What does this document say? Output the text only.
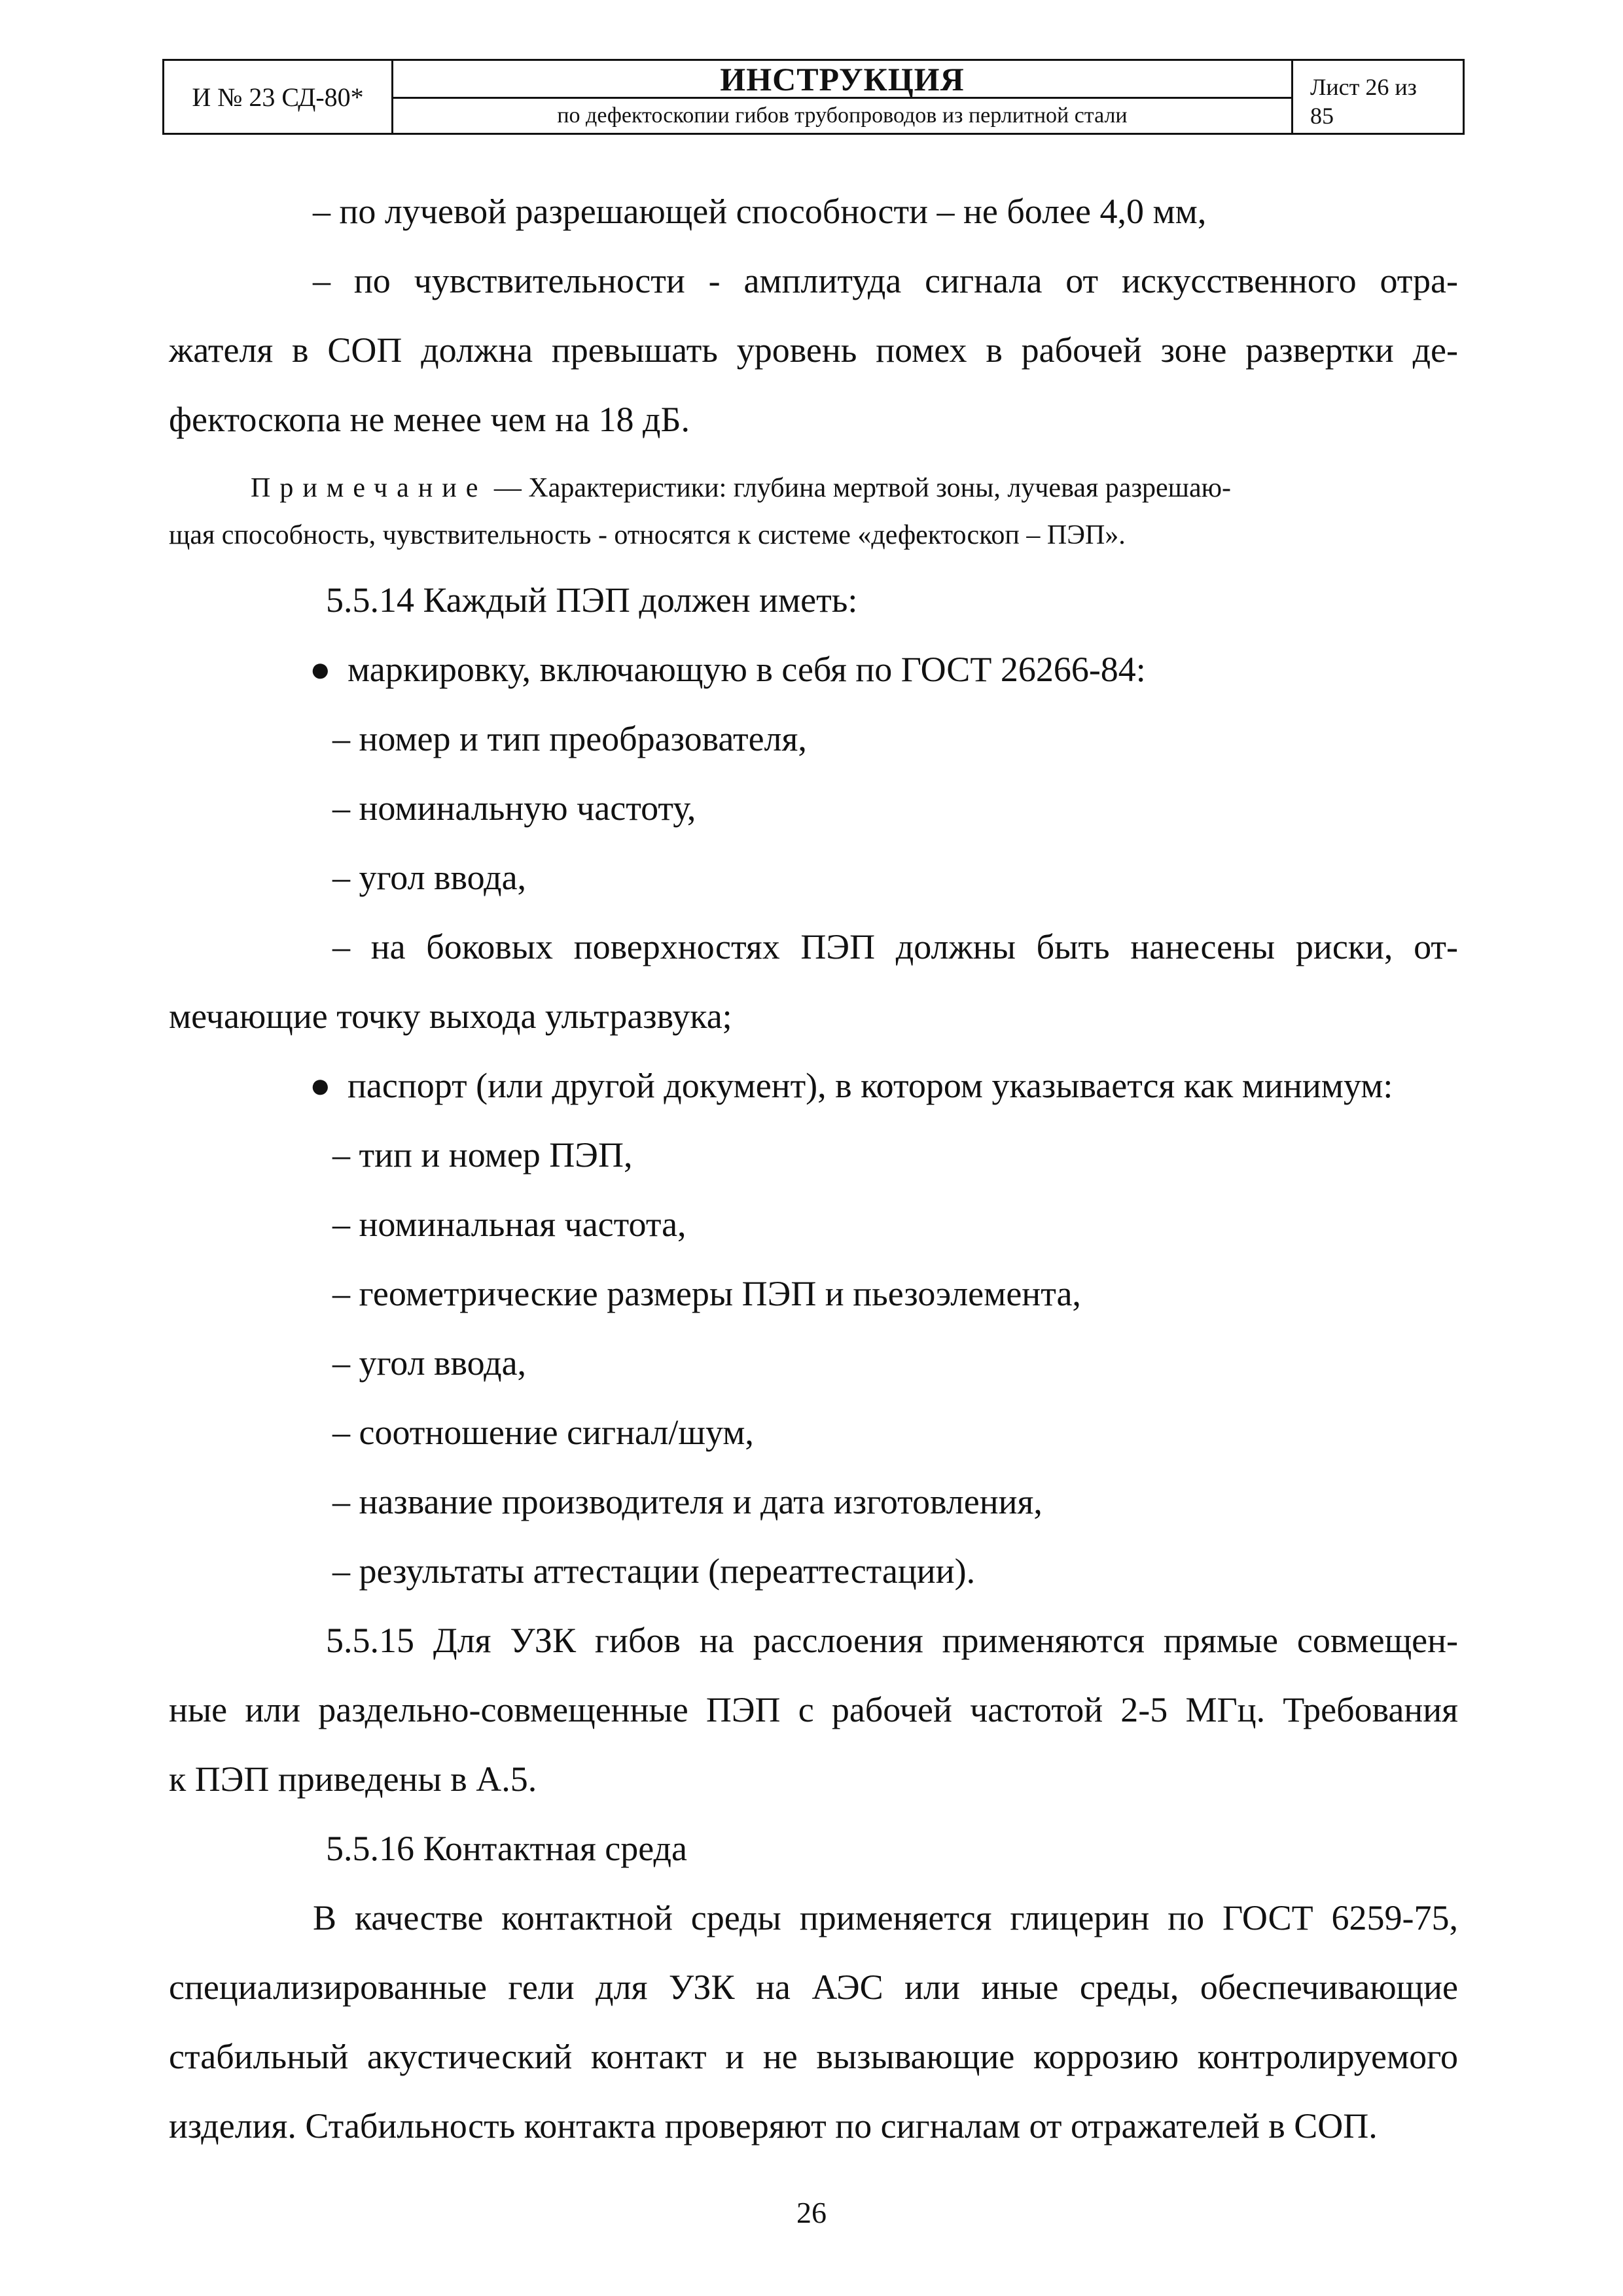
И № 23 СД-80*	ИНСТРУКЦИЯ
по дефектоскопии гибов трубопроводов из перлитной стали
Лист 26 из
85

– по лучевой разрешающей способности – не более 4,0 мм,

– по чувствительности - амплитуда сигнала от искусственного отра-

жателя в СОП должна превышать уровень помех в рабочей зоне развертки де-

фектоскопа не менее чем на 18 дБ.

Примечание — Характеристики: глубина мертвой зоны, лучевая разрешаю-

щая способность, чувствительность - относятся к системе «дефектоскоп – ПЭП».

5.5.14 Каждый ПЭП должен иметь:

● маркировку, включающую в себя по ГОСТ 26266-84:

– номер и тип преобразователя,

– номинальную частоту,

– угол ввода,

– на боковых поверхностях ПЭП должны быть нанесены риски, от-

мечающие точку выхода ультразвука;

● паспорт (или другой документ), в котором указывается как минимум:

– тип и номер ПЭП,

– номинальная частота,

– геометрические размеры ПЭП и пьезоэлемента,

– угол ввода,

– соотношение сигнал/шум,

– название производителя и дата изготовления,

– результаты аттестации (переаттестации).

5.5.15 Для УЗК гибов на расслоения применяются прямые совмещен-

ные или раздельно-совмещенные ПЭП с рабочей частотой 2-5 МГц. Требования

к ПЭП приведены в А.5.

5.5.16 Контактная среда

В качестве контактной среды применяется глицерин по ГОСТ 6259-75,

специализированные гели для УЗК на АЭС или иные среды, обеспечивающие

стабильный акустический контакт и не вызывающие коррозию контролируемого

изделия. Стабильность контакта проверяют по сигналам от отражателей в СОП.

26
